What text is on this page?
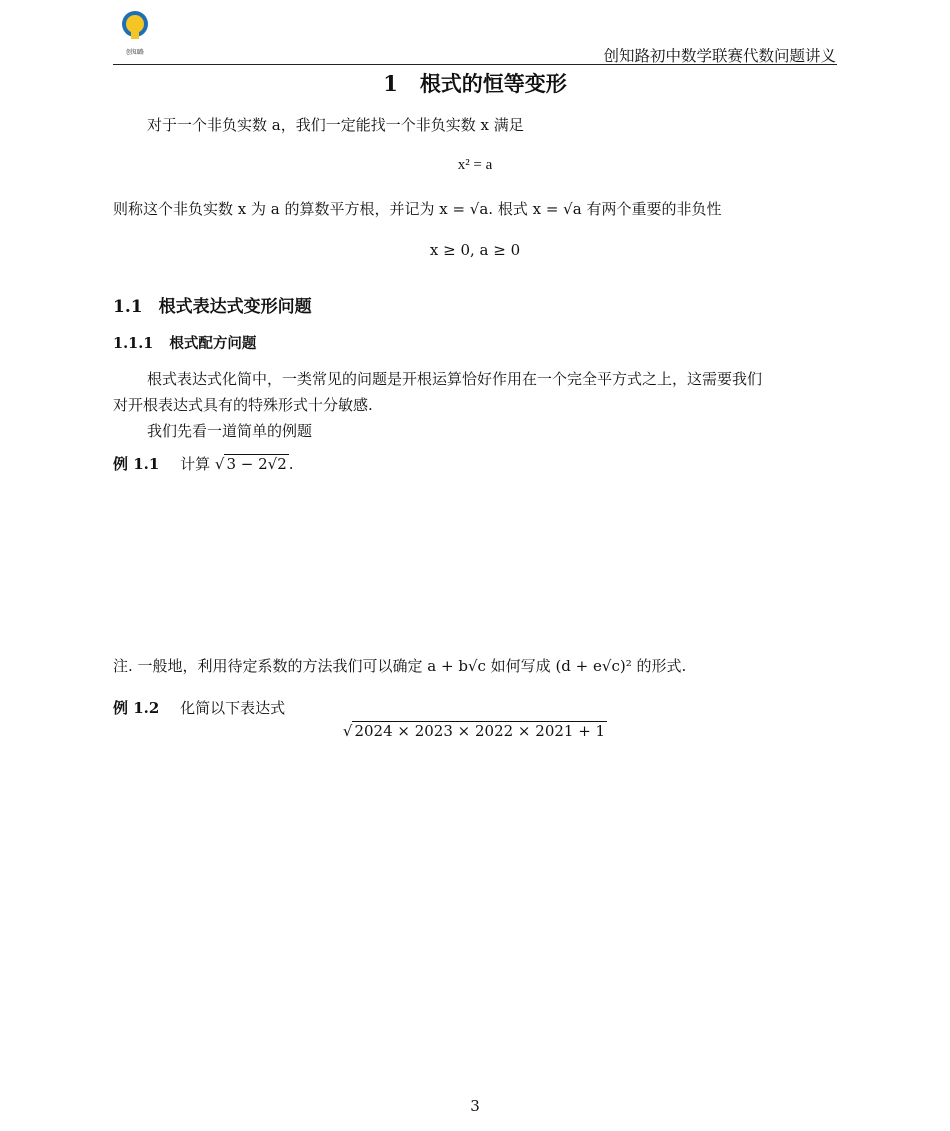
创知路	创知路初中数学联赛代数问题讲义
1 根式的恒等变形
对于一个非负实数 a，我们一定能找一个非负实数 x 满足
x² = a
则称这个非负实数 x 为 a 的算数平方根，并记为 x = √a. 根式 x = √a 有两个重要的非负性
x ≥ 0, a ≥ 0
1.1 根式表达式变形问题
1.1.1 根式配方问题
根式表达式化简中，一类常见的问题是开根运算恰好作用在一个完全平方式之上，这需要我们
对开根表达式具有的特殊形式十分敏感.
我们先看一道简单的例题
例 1.1 计算 √ 3 − 2√2 .
注. 一般地，利用待定系数的方法我们可以确定 a + b√c 如何写成 (d + e√c)² 的形式.
例 1.2 化简以下表达式
√ 2024 × 2023 × 2022 × 2021 + 1
3
